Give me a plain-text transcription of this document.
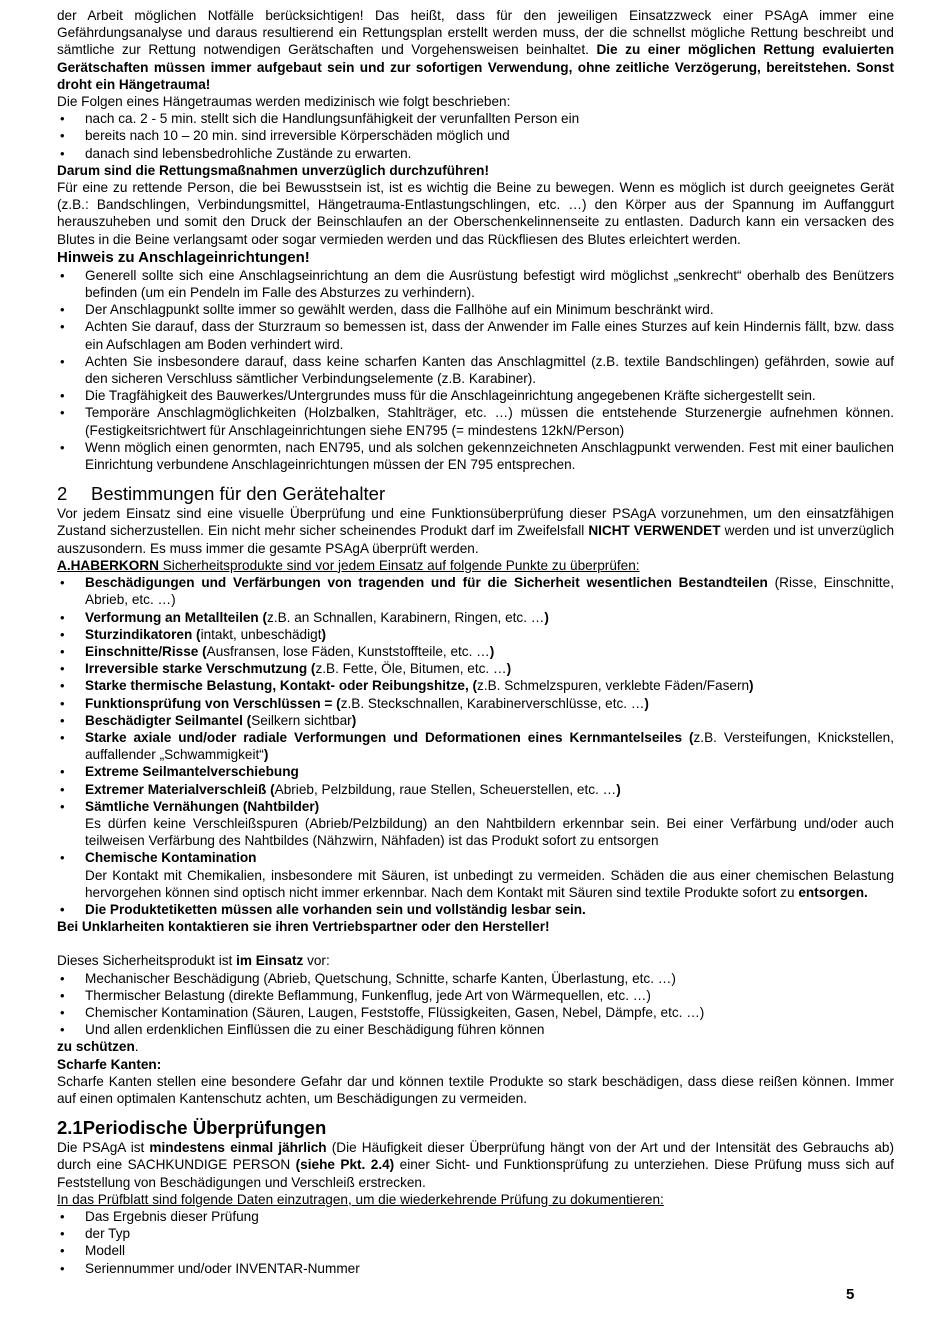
der Arbeit möglichen Notfälle berücksichtigen! Das heißt, dass für den jeweiligen Einsatzzweck einer PSAgA immer eine Gefährdungsanalyse und daraus resultierend ein Rettungsplan erstellt werden muss, der die schnellst mögliche Rettung beschreibt und sämtliche zur Rettung notwendigen Gerätschaften und Vorgehensweisen beinhaltet. Die zu einer möglichen Rettung evaluierten Gerätschaften müssen immer aufgebaut sein und zur sofortigen Verwendung, ohne zeitliche Verzögerung, bereitstehen. Sonst droht ein Hängetrauma!

Die Folgen eines Hängetraumas werden medizinisch wie folgt beschrieben:

• nach ca. 2 - 5 min. stellt sich die Handlungsunfähigkeit der verunfallten Person ein
• bereits nach 10 – 20 min. sind irreversible Körperschäden möglich und
• danach sind lebensbedrohliche Zustände zu erwarten.

Darum sind die Rettungsmaßnahmen unverzüglich durchzuführen!

Für eine zu rettende Person, die bei Bewusstsein ist, ist es wichtig die Beine zu bewegen. Wenn es möglich ist durch geeignetes Gerät (z.B.: Bandschlingen, Verbindungsmittel, Hängetrauma-Entlastungschlingen, etc. …) den Körper aus der Spannung im Auffanggurt herauszuheben und somit den Druck der Beinschlaufen an der Oberschenkelinnenseite zu entlasten. Dadurch kann ein versacken des Blutes in die Beine verlangsamt oder sogar vermieden werden und das Rückfliesen des Blutes erleichtert werden.

Hinweis zu Anschlageinrichtungen!

• Generell sollte sich eine Anschlagseinrichtung an dem die Ausrüstung befestigt wird möglichst „senkrecht“ oberhalb des Benützers befinden (um ein Pendeln im Falle des Absturzes zu verhindern).
• Der Anschlagpunkt sollte immer so gewählt werden, dass die Fallhöhe auf ein Minimum beschränkt wird.
• Achten Sie darauf, dass der Sturzraum so bemessen ist, dass der Anwender im Falle eines Sturzes auf kein Hindernis fällt, bzw. dass ein Aufschlagen am Boden verhindert wird.
• Achten Sie insbesondere darauf, dass keine scharfen Kanten das Anschlagmittel (z.B. textile Bandschlingen) gefährden, sowie auf den sicheren Verschluss sämtlicher Verbindungselemente (z.B. Karabiner).
• Die Tragfähigkeit des Bauwerkes/Untergrundes muss für die Anschlageinrichtung angegebenen Kräfte sichergestellt sein.
• Temporäre Anschlagmöglichkeiten (Holzbalken, Stahlträger, etc. …) müssen die entstehende Sturzenergie aufnehmen können. (Festigkeitsrichtwert für Anschlageinrichtungen siehe EN795 (= mindestens 12kN/Person)
• Wenn möglich einen genormten, nach EN795, und als solchen gekennzeichneten Anschlagpunkt verwenden. Fest mit einer baulichen Einrichtung verbundene Anschlageinrichtungen müssen der EN 795 entsprechen.
2 Bestimmungen für den Gerätehalter

Vor jedem Einsatz sind eine visuelle Überprüfung und eine Funktionsüberprüfung dieser PSAgA vorzunehmen, um den einsatzfähigen Zustand sicherzustellen. Ein nicht mehr sicher scheinendes Produkt darf im Zweifelsfall NICHT VERWENDET werden und ist unverzüglich auszusondern. Es muss immer die gesamte PSAgA überprüft werden.

A.HABERKORN Sicherheitsprodukte sind vor jedem Einsatz auf folgende Punkte zu überprüfen:

• Beschädigungen und Verfärbungen von tragenden und für die Sicherheit wesentlichen Bestandteilen (Risse, Einschnitte, Abrieb, etc. …)
• Verformung an Metallteilen (z.B. an Schnallen, Karabinern, Ringen, etc. …)
• Sturzindikatoren (intakt, unbeschädigt)
• Einschnitte/Risse (Ausfransen, lose Fäden, Kunststoffteile, etc. …)
• Irreversible starke Verschmutzung (z.B. Fette, Öle, Bitumen, etc. …)
• Starke thermische Belastung, Kontakt- oder Reibungshitze, (z.B. Schmelzspuren, verklebte Fäden/Fasern)
• Funktionsprüfung von Verschlüssen = (z.B. Steckschnallen, Karabinerverschlüsse, etc. …)
• Beschädigter Seilmantel (Seilkern sichtbar)
• Starke axiale und/oder radiale Verformungen und Deformationen eines Kernmantelseiles (z.B. Versteifungen, Knickstellen, auffallender „Schwammigkeit“)
• Extreme Seilmantelverschiebung
• Extremer Materialverschleiß (Abrieb, Pelzbildung, raue Stellen, Scheuerstellen, etc. …)
• Sämtliche Vernähungen (Nahtbilder)
Es dürfen keine Verschleißspuren (Abrieb/Pelzbildung) an den Nahtbildern erkennbar sein. Bei einer Verfärbung und/oder auch teilweisen Verfärbung des Nahtbildes (Nähzwirn, Nähfaden) ist das Produkt sofort zu entsorgen
• Chemische Kontamination
Der Kontakt mit Chemikalien, insbesondere mit Säuren, ist unbedingt zu vermeiden. Schäden die aus einer chemischen Belastung hervorgehen können sind optisch nicht immer erkennbar. Nach dem Kontakt mit Säuren sind textile Produkte sofort zu entsorgen.
• Die Produktetiketten müssen alle vorhanden sein und vollständig lesbar sein.

Bei Unklarheiten kontaktieren sie ihren Vertriebspartner oder den Hersteller!

Dieses Sicherheitsprodukt ist im Einsatz vor:

• Mechanischer Beschädigung (Abrieb, Quetschung, Schnitte, scharfe Kanten, Überlastung, etc. …)
• Thermischer Belastung (direkte Beflammung, Funkenflug, jede Art von Wärmequellen, etc. …)
• Chemischer Kontamination (Säuren, Laugen, Feststoffe, Flüssigkeiten, Gasen, Nebel, Dämpfe, etc. …)
• Und allen erdenklichen Einflüssen die zu einer Beschädigung führen können

zu schützen.

Scharfe Kanten:

Scharfe Kanten stellen eine besondere Gefahr dar und können textile Produkte so stark beschädigen, dass diese reißen können. Immer auf einen optimalen Kantenschutz achten, um Beschädigungen zu vermeiden.

2.1Periodische Überprüfungen

Die PSAgA ist mindestens einmal jährlich (Die Häufigkeit dieser Überprüfung hängt von der Art und der Intensität des Gebrauchs ab) durch eine SACHKUNDIGE PERSON (siehe Pkt. 2.4) einer Sicht- und Funktionsprüfung zu unterziehen. Diese Prüfung muss sich auf Feststellung von Beschädigungen und Verschleiß erstrecken.

In das Prüfblatt sind folgende Daten einzutragen, um die wiederkehrende Prüfung zu dokumentieren:

• Das Ergebnis dieser Prüfung
• der Typ
• Modell
• Seriennummer und/oder INVENTAR-Nummer
5
